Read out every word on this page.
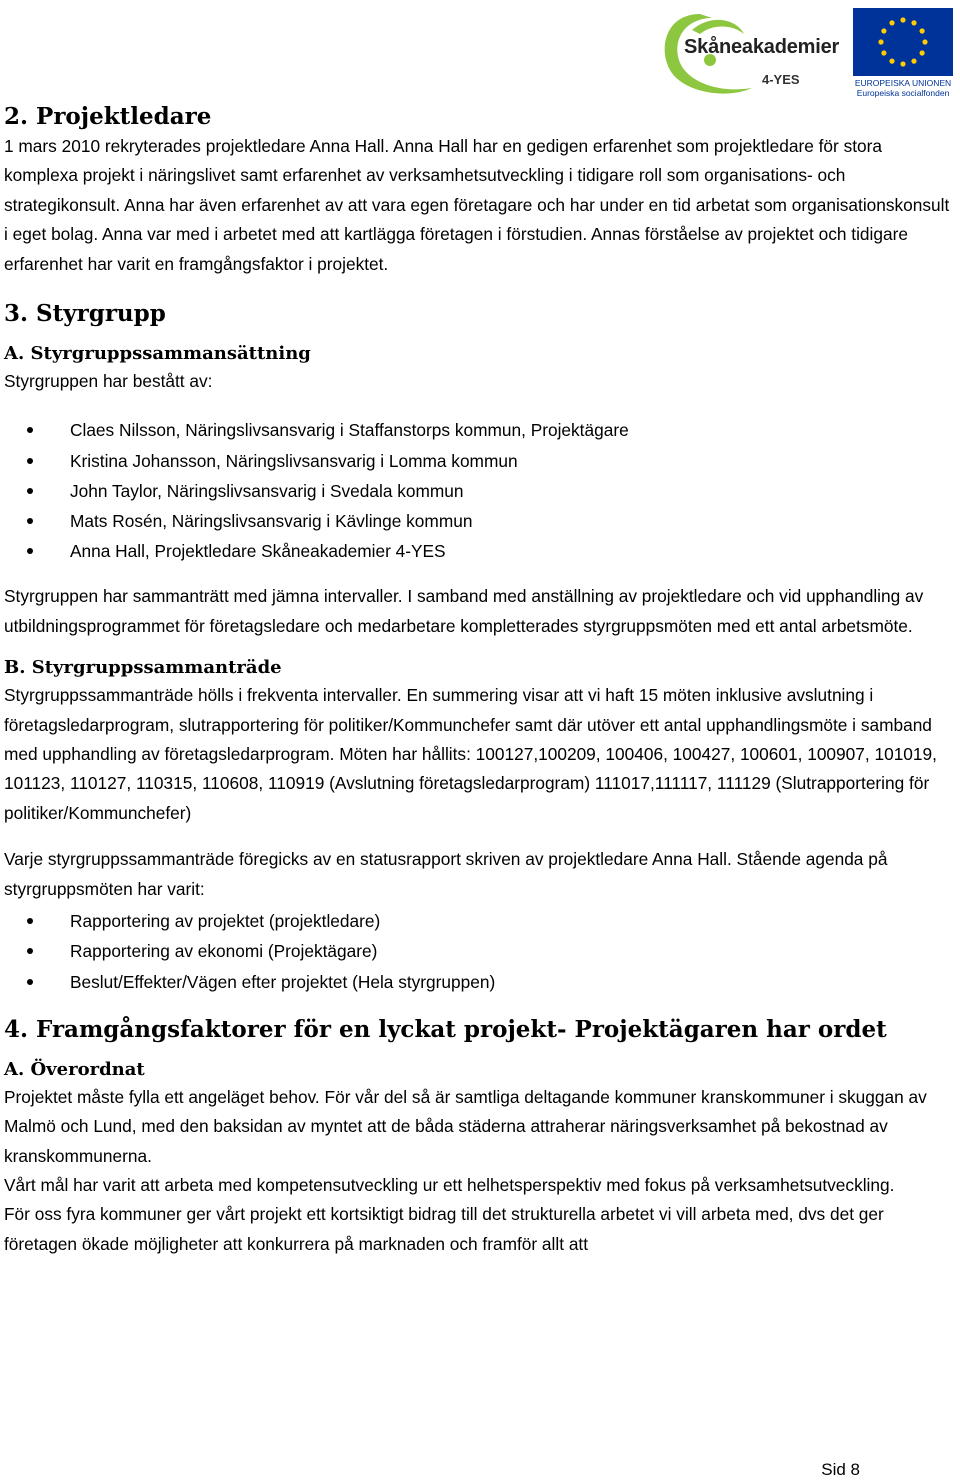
Skåneakademier
4-YES	EUROPEISKA UNIONEN
Europeiska socialfonden
2. Projektledare

1 mars 2010 rekryterades projektledare Anna Hall. Anna Hall har en gedigen erfarenhet som projektledare för stora komplexa projekt i näringslivet samt erfarenhet av verksamhetsutveckling i tidigare roll som organisations- och strategikonsult. Anna har även erfarenhet av att vara egen företagare och har under en tid arbetat som organisationskonsult i eget bolag. Anna var med i arbetet med att kartlägga företagen i förstudien. Annas förståelse av projektet och tidigare erfarenhet har varit en framgångsfaktor i projektet.

3. Styrgrupp
A. Styrgruppssammansättning

Styrgruppen har bestått av:

Claes Nilsson, Näringslivsansvarig i Staffanstorps kommun, Projektägare
Kristina Johansson, Näringslivsansvarig i Lomma kommun
John Taylor, Näringslivsansvarig i Svedala kommun
Mats Rosén, Näringslivsansvarig i Kävlinge kommun
Anna Hall, Projektledare Skåneakademier 4-YES

Styrgruppen har sammanträtt med jämna intervaller. I samband med anställning av projektledare och vid upphandling av utbildningsprogrammet för företagsledare och medarbetare kompletterades styrgruppsmöten med ett antal arbetsmöte.

B. Styrgruppssammanträde

Styrgruppssammanträde hölls i frekventa intervaller. En summering visar att vi haft 15 möten inklusive avslutning i företagsledarprogram, slutrapportering för politiker/Kommunchefer samt där utöver ett antal upphandlingsmöte i samband med upphandling av företagsledarprogram. Möten har hållits: 100127,100209, 100406, 100427, 100601, 100907, 101019, 101123, 110127, 110315, 110608, 110919 (Avslutning företagsledarprogram) 111017,111117, 111129 (Slutrapportering för politiker/Kommunchefer)

Varje styrgruppssammanträde föregicks av en statusrapport skriven av projektledare Anna Hall. Stående agenda på styrgruppsmöten har varit:

Rapportering av projektet (projektledare)
Rapportering av ekonomi (Projektägare)
Beslut/Effekter/Vägen efter projektet (Hela styrgruppen)
4. Framgångsfaktorer för en lyckat projekt- Projektägaren har ordet
A. Överordnat

Projektet måste fylla ett angeläget behov. För vår del så är samtliga deltagande kommuner kranskommuner i skuggan av Malmö och Lund, med den baksidan av myntet att de båda städerna attraherar näringsverksamhet på bekostnad av kranskommunerna.

Vårt mål har varit att arbeta med kompetensutveckling ur ett helhetsperspektiv med fokus på verksamhetsutveckling.

För oss fyra kommuner ger vårt projekt ett kortsiktigt bidrag till det strukturella arbetet vi vill arbeta med, dvs det ger företagen ökade möjligheter att konkurrera på marknaden och framför allt att

Sid 8
